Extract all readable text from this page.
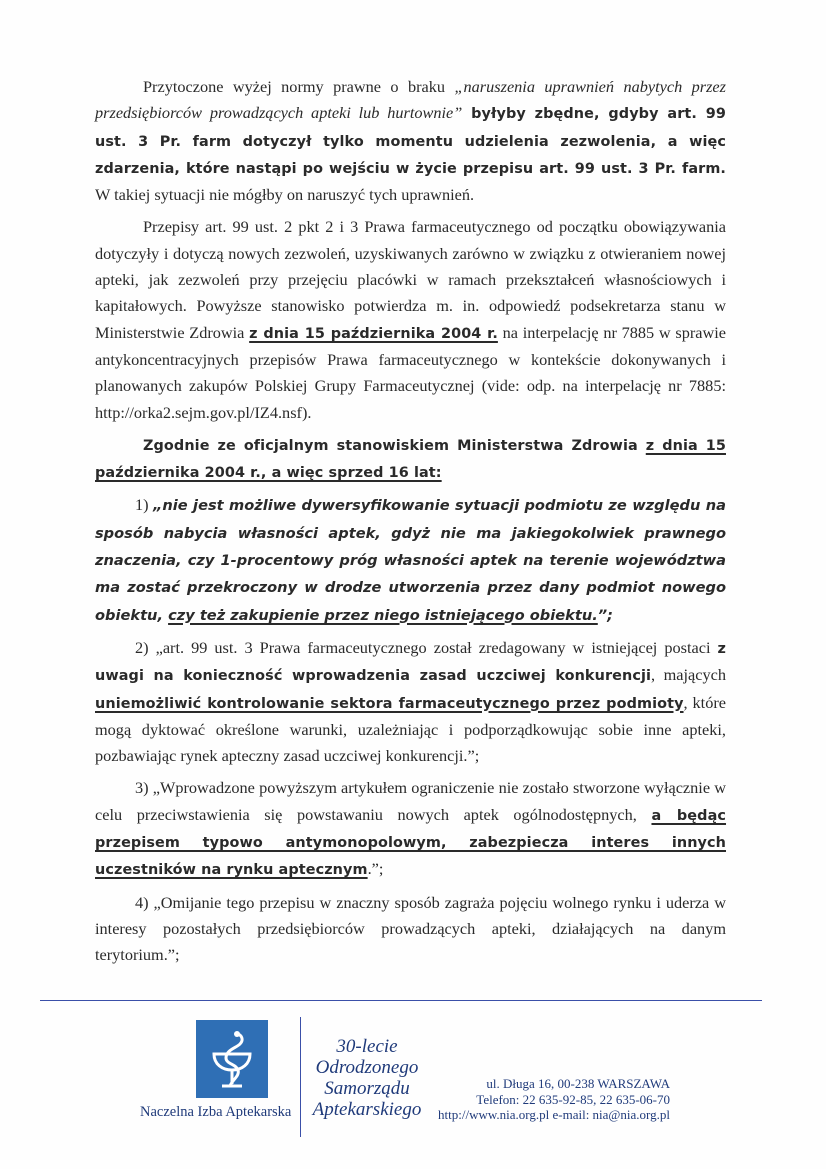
Przytoczone wyżej normy prawne o braku „naruszenia uprawnień nabytych przez przedsiębiorców prowadzących apteki lub hurtownie” byłyby zbędne, gdyby art. 99 ust. 3 Pr. farm dotyczył tylko momentu udzielenia zezwolenia, a więc zdarzenia, które nastąpi po wejściu w życie przepisu art. 99 ust. 3 Pr. farm. W takiej sytuacji nie mógłby on naruszyć tych uprawnień.

Przepisy art. 99 ust. 2 pkt 2 i 3 Prawa farmaceutycznego od początku obowiązywania dotyczyły i dotyczą nowych zezwoleń, uzyskiwanych zarówno w związku z otwieraniem nowej apteki, jak zezwoleń przy przejęciu placówki w ramach przekształceń własnościowych i kapitałowych. Powyższe stanowisko potwierdza m. in. odpowiedź podsekretarza stanu w Ministerstwie Zdrowia z dnia 15 października 2004 r. na interpelację nr 7885 w sprawie antykoncentracyjnych przepisów Prawa farmaceutycznego w kontekście dokonywanych i planowanych zakupów Polskiej Grupy Farmaceutycznej (vide: odp. na interpelację nr 7885: http://orka2.sejm.gov.pl/IZ4.nsf).

Zgodnie ze oficjalnym stanowiskiem Ministerstwa Zdrowia z dnia 15 października 2004 r., a więc sprzed 16 lat:

1) „nie jest możliwe dywersyfikowanie sytuacji podmiotu ze względu na sposób nabycia własności aptek, gdyż nie ma jakiegokolwiek prawnego znaczenia, czy 1-procentowy próg własności aptek na terenie województwa ma zostać przekroczony w drodze utworzenia przez dany podmiot nowego obiektu, czy też zakupienie przez niego istniejącego obiektu.”;

2) „art. 99 ust. 3 Prawa farmaceutycznego został zredagowany w istniejącej postaci z uwagi na konieczność wprowadzenia zasad uczciwej konkurencji, mających uniemożliwić kontrolowanie sektora farmaceutycznego przez podmioty, które mogą dyktować określone warunki, uzależniając i podporządkowując sobie inne apteki, pozbawiając rynek apteczny zasad uczciwej konkurencji.”;

3) „Wprowadzone powyższym artykułem ograniczenie nie zostało stworzone wyłącznie w celu przeciwstawienia się powstawaniu nowych aptek ogólnodostępnych, a będąc przepisem typowo antymonopolowym, zabezpiecza interes innych uczestników na rynku aptecznym.”;

4) „Omijanie tego przepisu w znaczny sposób zagraża pojęciu wolnego rynku i uderza w interesy pozostałych przedsiębiorców prowadzących apteki, działających na danym terytorium.”;

Naczelna Izba Aptekarska
30-lecie
Odrodzonego
Samorządu
Aptekarskiego
ul. Długa 16, 00-238 WARSZAWA
Telefon: 22 635-92-85, 22 635-06-70
http://www.nia.org.pl e-mail: nia@nia.org.pl
